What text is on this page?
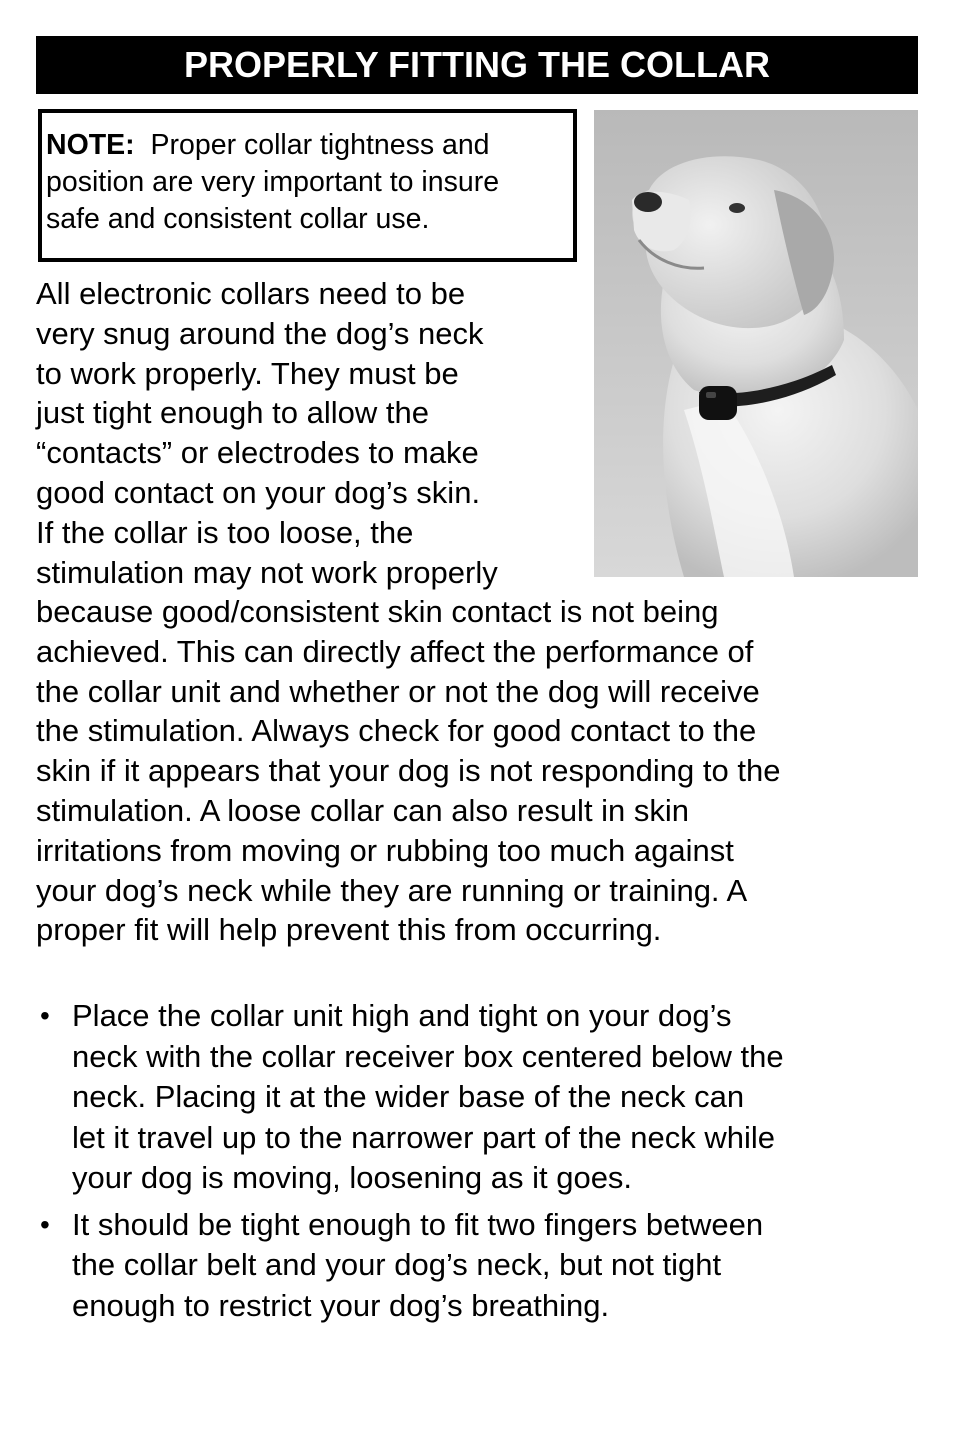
PROPERLY FITTING THE COLLAR
NOTE: Proper collar tightness and
position are very important to insure
safe and consistent collar use.
All electronic collars need to be
very snug around the dog’s neck
to work properly. They must be
just tight enough to allow the
“contacts” or electrodes to make
good contact on your dog’s skin.
If the collar is too loose, the
stimulation may not work properly
because good/consistent skin contact is not being
achieved. This can directly affect the performance of
the collar unit and whether or not the dog will receive
the stimulation. Always check for good contact to the
skin if it appears that your dog is not responding to the
stimulation. A loose collar can also result in skin
irritations from moving or rubbing too much against
your dog’s neck while they are running or training. A
proper fit will help prevent this from occurring.
• Place the collar unit high and tight on your dog’s
neck with the collar receiver box centered below the
neck. Placing it at the wider base of the neck can
let it travel up to the narrower part of the neck while
your dog is moving, loosening as it goes.
• It should be tight enough to fit two fingers between
the collar belt and your dog’s neck, but not tight
enough to restrict your dog’s breathing.
